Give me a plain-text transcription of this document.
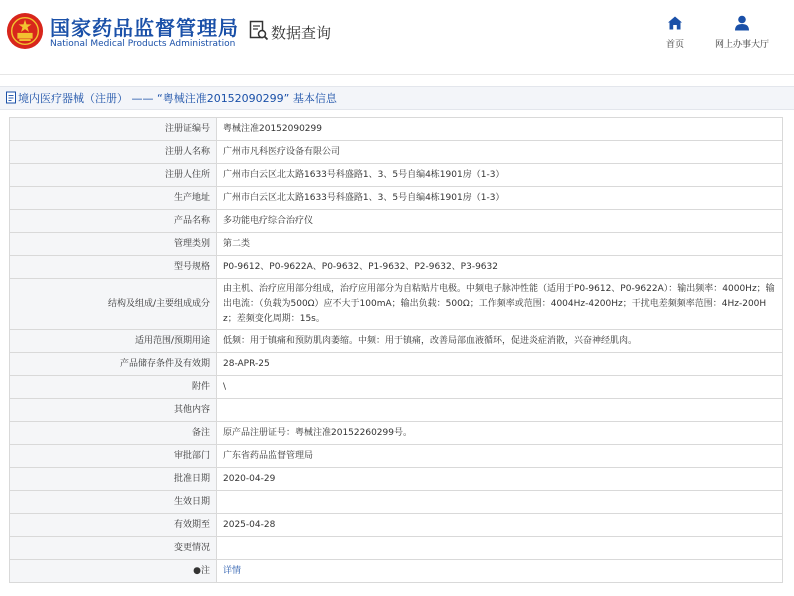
国家药品监督管理局
National Medical Products Administration
数据查询
首页	网上办事大厅
境内医疗器械（注册） —— “粤械注准20152090299” 基本信息
注册证编号	粤械注准20152090299
注册人名称	广州市凡科医疗设备有限公司
注册人住所	广州市白云区北太路1633号科盛路1、3、5号自编4栋1901房（1-3）
生产地址	广州市白云区北太路1633号科盛路1、3、5号自编4栋1901房（1-3）
产品名称	多功能电疗综合治疗仪
管理类别	第二类
型号规格	P0-9612、P0-9622A、P0-9632、P1-9632、P2-9632、P3-9632
结构及组成/主要组成成分	由主机、治疗应用部分组成，治疗应用部分为自粘贴片电极。中频电子脉冲性能（适用于P0-9612、P0-9622A）：输出频率：4000Hz；输出电流：（负载为500Ω）应不大于100mA；输出负载：500Ω；工作频率或范围：4004Hz-4200Hz；干扰电差频频率范围：4Hz-200Hz；差频变化周期：15s。
适用范围/预期用途	低频：用于镇痛和预防肌肉萎缩。中频：用于镇痛，改善局部血液循环，促进炎症消散，兴奋神经肌肉。
产品储存条件及有效期	28-APR-25
附件	\
其他内容	
备注	原产品注册证号：粤械注准20152260299号。
审批部门	广东省药品监督管理局
批准日期	2020-04-29
生效日期	
有效期至	2025-04-28
变更情况	
●注	详情
